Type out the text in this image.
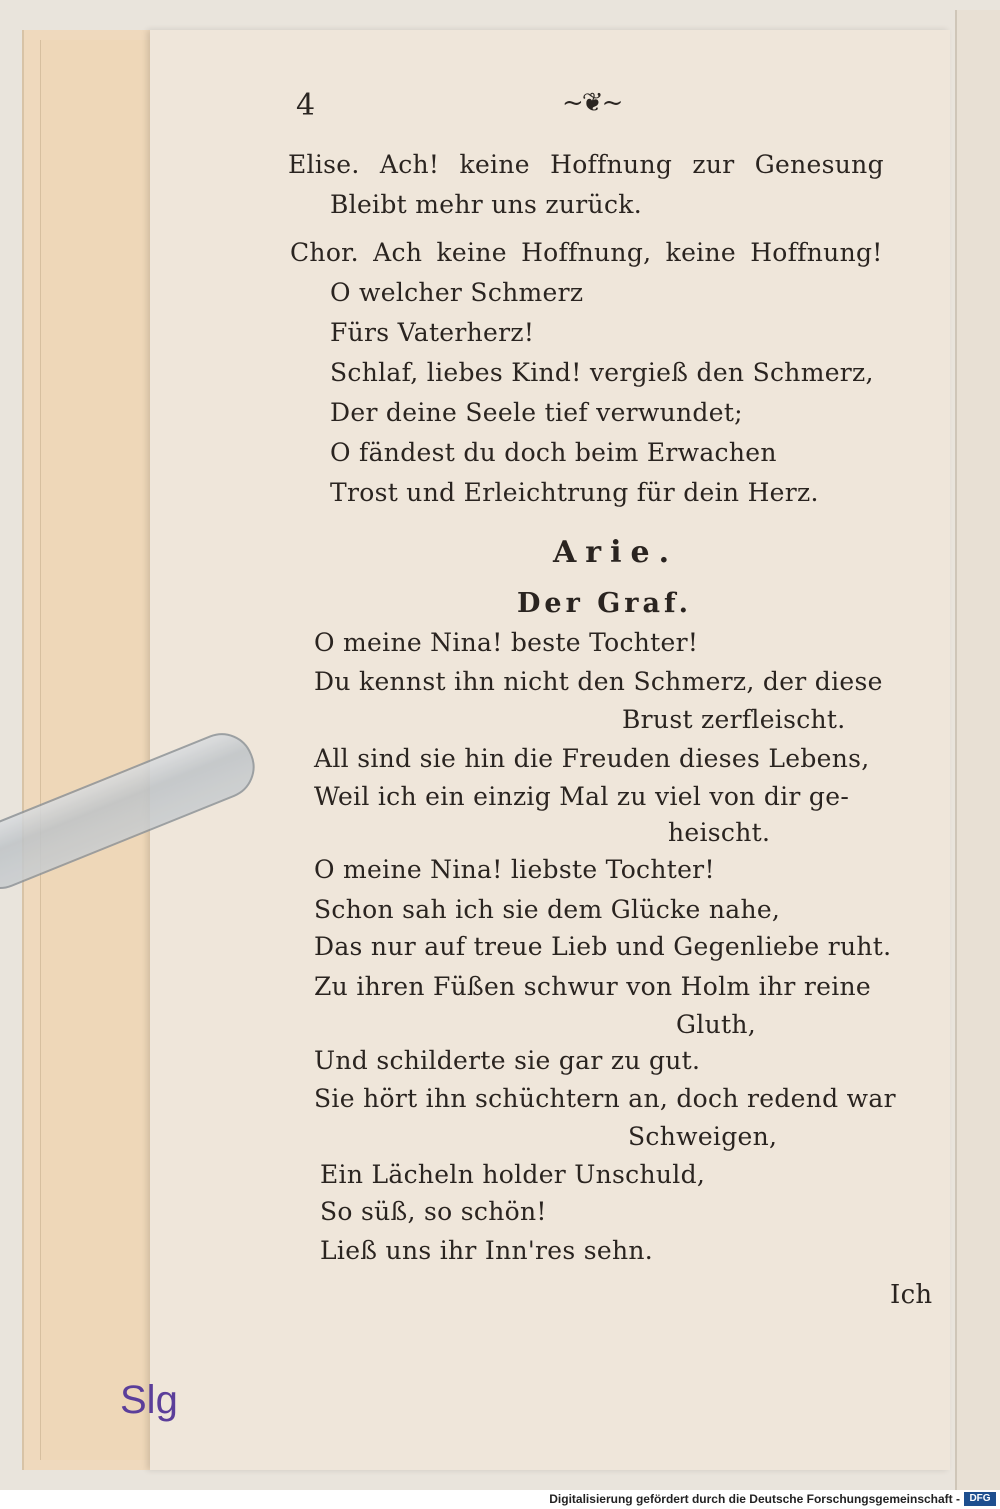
4	~❦~
Elise. Ach! keine Hoffnung zur Genesung
Bleibt mehr uns zurück.
Chor. Ach keine Hoffnung, keine Hoffnung!
O welcher Schmerz
Fürs Vaterherz!
Schlaf, liebes Kind! vergieß den Schmerz,
Der deine Seele tief verwundet;
O fändest du doch beim Erwachen
Trost und Erleichtrung für dein Herz.
Arie.
Der Graf.
O meine Nina! beste Tochter!
Du kennst ihn nicht den Schmerz, der diese
Brust zerfleischt.
All sind sie hin die Freuden dieses Lebens,
Weil ich ein einzig Mal zu viel von dir ge-
heischt.
O meine Nina! liebste Tochter!
Schon sah ich sie dem Glücke nahe,
Das nur auf treue Lieb und Gegenliebe ruht.
Zu ihren Füßen schwur von Holm ihr reine
Gluth,
Und schilderte sie gar zu gut.
Sie hört ihn schüchtern an, doch redend war
Schweigen,
Ein Lächeln holder Unschuld,
So süß, so schön!
Ließ uns ihr Inn'res sehn.
Ich
Slg
Digitalisierung gefördert durch die Deutsche Forschungsgemeinschaft - DFG
